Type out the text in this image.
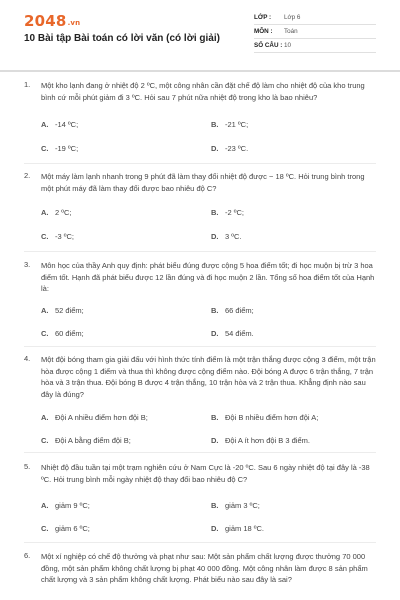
2048.vn
10 Bài tập Bài toán có lời văn (có lời giải)
LỚP :	Lớp 6
MÔN :	Toán
SỐ CÂU : 10
1. Một kho lạnh đang ở nhiệt độ 2 ºC, một công nhân cần đặt chế độ làm cho nhiệt độ của kho trung bình cứ mỗi phút giảm đi 3 ºC. Hỏi sau 7 phút nữa nhiệt độ trong kho là bao nhiêu?
A. -14 ºC;	B. -21 ºC;
C. -19 ºC;	D. -23 ºC.
2. Một máy làm lạnh nhanh trong 9 phút đã làm thay đổi nhiệt độ được − 18 ºC. Hỏi trung bình trong một phút máy đã làm thay đổi được bao nhiêu độ C?
A. 2 ºC;	B. -2 ºC;
C. -3 ºC;	D. 3 ºC.
3. Môn học của thầy Anh quy định: phát biểu đúng được cộng 5 hoa điểm tốt; đi học muộn bị trừ 3 hoa điểm tốt. Hạnh đã phát biểu được 12 lần đúng và đi học muộn 2 lần. Tổng số hoa điểm tốt của Hạnh là:
A. 52 điểm;	B. 66 điểm;
C. 60 điểm;	D. 54 điểm.
4. Một đội bóng tham gia giải đấu với hình thức tính điểm là một trận thắng được cộng 3 điểm, một trận hòa được cộng 1 điểm và thua thì không được cộng điểm nào. Đội bóng A được 6 trận thắng, 7 trận hòa và 3 trận thua. Đội bóng B được 4 trận thắng, 10 trận hòa và 2 trận thua. Khẳng định nào sau đây là đúng?
A. Đội A nhiều điểm hơn đội B;	B. Đội B nhiều điểm hơn đội A;
C. Đội A bằng điểm đội B;	D. Đội A ít hơn đội B 3 điểm.
5. Nhiệt độ đầu tuần tại một trạm nghiên cứu ở Nam Cực là -20 ºC. Sau 6 ngày nhiệt độ tại đây là -38 ºC. Hỏi trung bình mỗi ngày nhiệt độ thay đổi bao nhiêu độ C?
A. giảm 9 ºC;	B. giảm 3 ºC;
C. giảm 6 ºC;	D. giảm 18 ºC.
6. Một xí nghiệp có chế độ thưởng và phạt như sau: Một sản phẩm chất lượng được thưởng 70 000 đồng, một sản phẩm không chất lượng bị phạt 40 000 đồng. Một công nhân làm được 8 sản phẩm chất lượng và 3 sản phẩm không chất lượng. Phát biểu nào sau đây là sai?
